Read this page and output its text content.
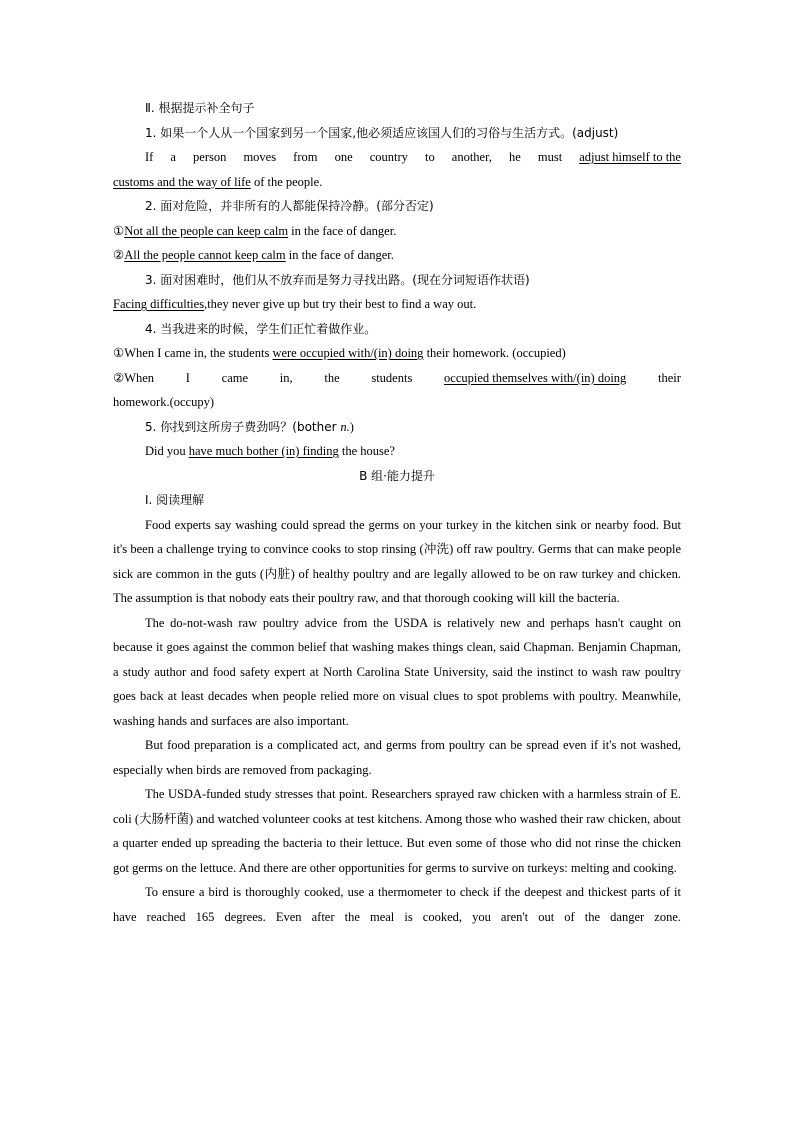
Ⅱ. 根据提示补全句子
1. 如果一个人从一个国家到另一个国家,他必须适应该国人们的习俗与生活方式。(adjust)
If a person moves from one country to another, he must adjust himself to the
customs and the way of life of the people.
2. 面对危险，并非所有的人都能保持冷静。(部分否定)
①Not all the people can keep calm in the face of danger.
②All the people cannot keep calm in the face of danger.
3. 面对困难时，他们从不放弃而是努力寻找出路。(现在分词短语作状语)
Facing difficulties,they never give up but try their best to find a way out.
4. 当我进来的时候，学生们正忙着做作业。
①When I came in, the students were occupied with/(in) doing their homework. (occupied)
②When	I	came	in,	the	students	occupied themselves with/(in) doing	their
homework.(occupy)
5. 你找到这所房子费劲吗？(bother n.)
Did you have much bother (in) finding the house?
B 组·能力提升
Ⅰ. 阅读理解

Food experts say washing could spread the germs on your turkey in the kitchen sink or nearby food. But it's been a challenge trying to convince cooks to stop rinsing (冲洗) off raw poultry. Germs that can make people sick are common in the guts (内脏) of healthy poultry and are legally allowed to be on raw turkey and chicken. The assumption is that nobody eats their poultry raw, and that thorough cooking will kill the bacteria.

The do-not-wash raw poultry advice from the USDA is relatively new and perhaps hasn't caught on because it goes against the common belief that washing makes things clean, said Chapman. Benjamin Chapman, a study author and food safety expert at North Carolina State University, said the instinct to wash raw poultry goes back at least decades when people relied more on visual clues to spot problems with poultry. Meanwhile, washing hands and surfaces are also important.

But food preparation is a complicated act, and germs from poultry can be spread even if it's not washed, especially when birds are removed from packaging.

The USDA-funded study stresses that point. Researchers sprayed raw chicken with a harmless strain of E. coli (大肠杆菌) and watched volunteer cooks at test kitchens. Among those who washed their raw chicken, about a quarter ended up spreading the bacteria to their lettuce. But even some of those who did not rinse the chicken got germs on the lettuce. And there are other opportunities for germs to survive on turkeys: melting and cooking.

To ensure a bird is thoroughly cooked, use a thermometer to check if the deepest and thickest parts of it have reached 165 degrees. Even after the meal is cooked, you aren't out of the danger zone.
